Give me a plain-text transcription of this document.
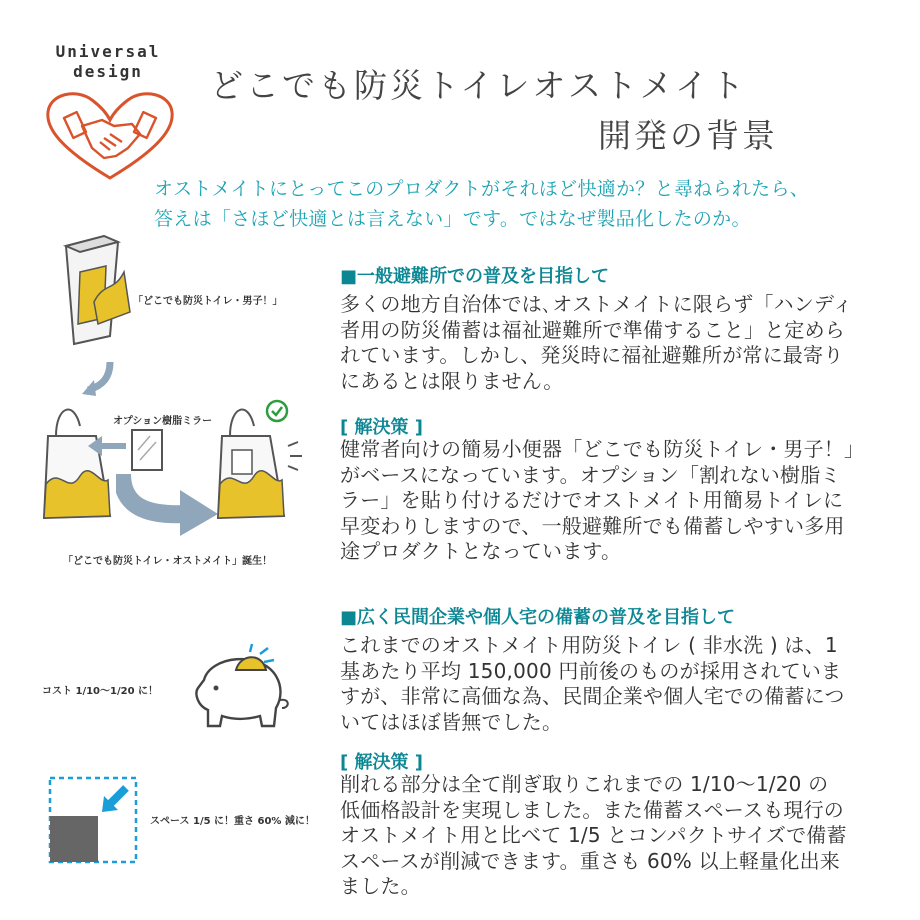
Universal
design	どこでも防災トイレオストメイト
開発の背景
オストメイトにとってこのプロダクトがそれほど快適か？と尋ねられたら、
答えは「さほど快適とは言えない」です。ではなぜ製品化したのか。
「どこでも防災トイレ・男子！」
オプション樹脂ミラー
「どこでも防災トイレ・オストメイト」誕生！
コスト 1/10〜1/20 に！
スペース 1/5 に！重さ 60% 減に！
■一般避難所での普及を目指して
多くの地方自治体では､オストメイトに限らず「ハンディ
者用の防災備蓄は福祉避難所で準備すること」と定めら
れています。しかし、発災時に福祉避難所が常に最寄り
にあるとは限りません。
[ 解決策 ]
健常者向けの簡易小便器「どこでも防災トイレ・男子！」
がベースになっています。オプション「割れない樹脂ミ
ラー」を貼り付けるだけでオストメイト用簡易トイレに
早変わりしますので、一般避難所でも備蓄しやすい多用
途プロダクトとなっています。
■広く民間企業や個人宅の備蓄の普及を目指して
これまでのオストメイト用防災トイレ ( 非水洗 ) は、1
基あたり平均 150,000 円前後のものが採用されていま
すが、非常に高価な為、民間企業や個人宅での備蓄につ
いてはほぼ皆無でした。
[ 解決策 ]
削れる部分は全て削ぎ取りこれまでの 1/10〜1/20 の
低価格設計を実現しました。また備蓄スペースも現行の
オストメイト用と比べて 1/5 とコンパクトサイズで備蓄
スペースが削減できます。重さも 60% 以上軽量化出来
ました。
